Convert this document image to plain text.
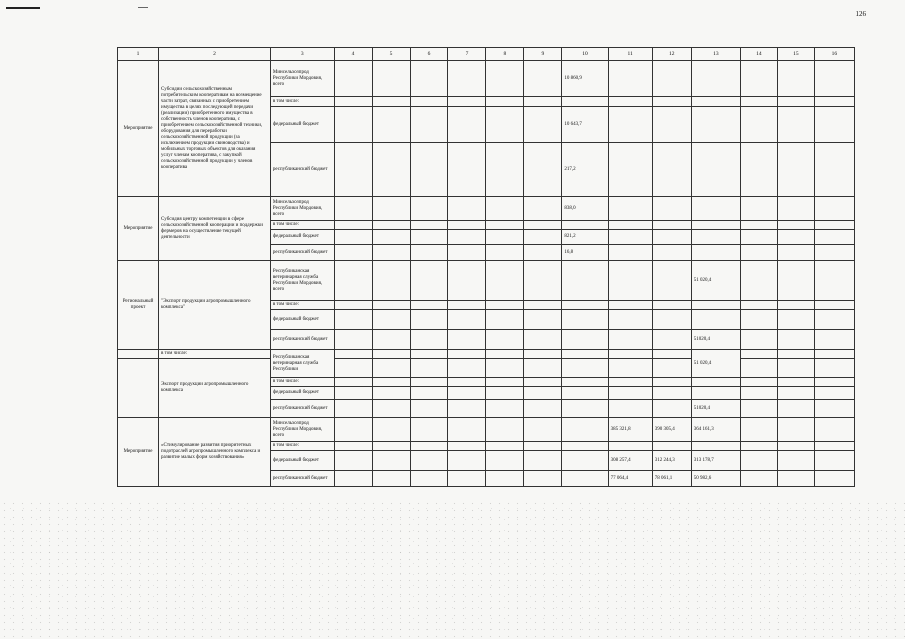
126
1	2	3	4	5	6	7	8	9	10	11	12	13	14	15	16
Мероприятие	Субсидии сельскохозяйственным потребительским кооперативам на возмещение части затрат, связанных с приобретением имущества в целях последующей передачи (реализации) приобретенного имущества в собственность членов кооператива, с приобретением сельскохозяйственной техники, оборудования для переработки сельскохозяйственной продукции (за исключением продукции свиноводства) и мобильных торговых объектов для оказания услуг членам кооператива, с закупкой сельскохозяйственной продукции у членов кооператива	Минсельхозпрод Республики Мордовия, всего							10 860,9						
		в том числе:													
		федеральный бюджет							10 643,7						
		республиканский бюджет							217,2						
Мероприятие	Субсидия центру компетенции в сфере сельскохозяйственной кооперации и поддержки фермеров на осуществление текущей деятельности	Минсельхозпрод Республики Мордовия, всего							838,0						
		в том числе:													
		федеральный бюджет							821,2						
		республиканский бюджет							16,8						
Региональный проект	"Экспорт продукции агропромышленного комплекса"	Республиканская ветеринарная служба Республики Мордовия, всего										51 020,4			
		в том числе:													
		федеральный бюджет													
		республиканский бюджет										51020,4			
	в том числе:	Республиканская ветеринарная служба Республики										51 020,4			
	Экспорт продукции агропромышленного комплекса														
		в том числе:													
		федеральный бюджет													
		республиканский бюджет										51020,4			
Мероприятие	«Стимулирование развития приоритетных подотраслей агропромышленного комплекса и развитие малых форм хозяйствования»	Минсельхозпрод Республики Мордовия, всего								385 321,8	390 305,4	364 161,3			
		в том числе:													
		федеральный бюджет								308 257,4	312 244,3	313 178,7			
		республиканский бюджет								77 064,4	78 061,1	50 982,6			
